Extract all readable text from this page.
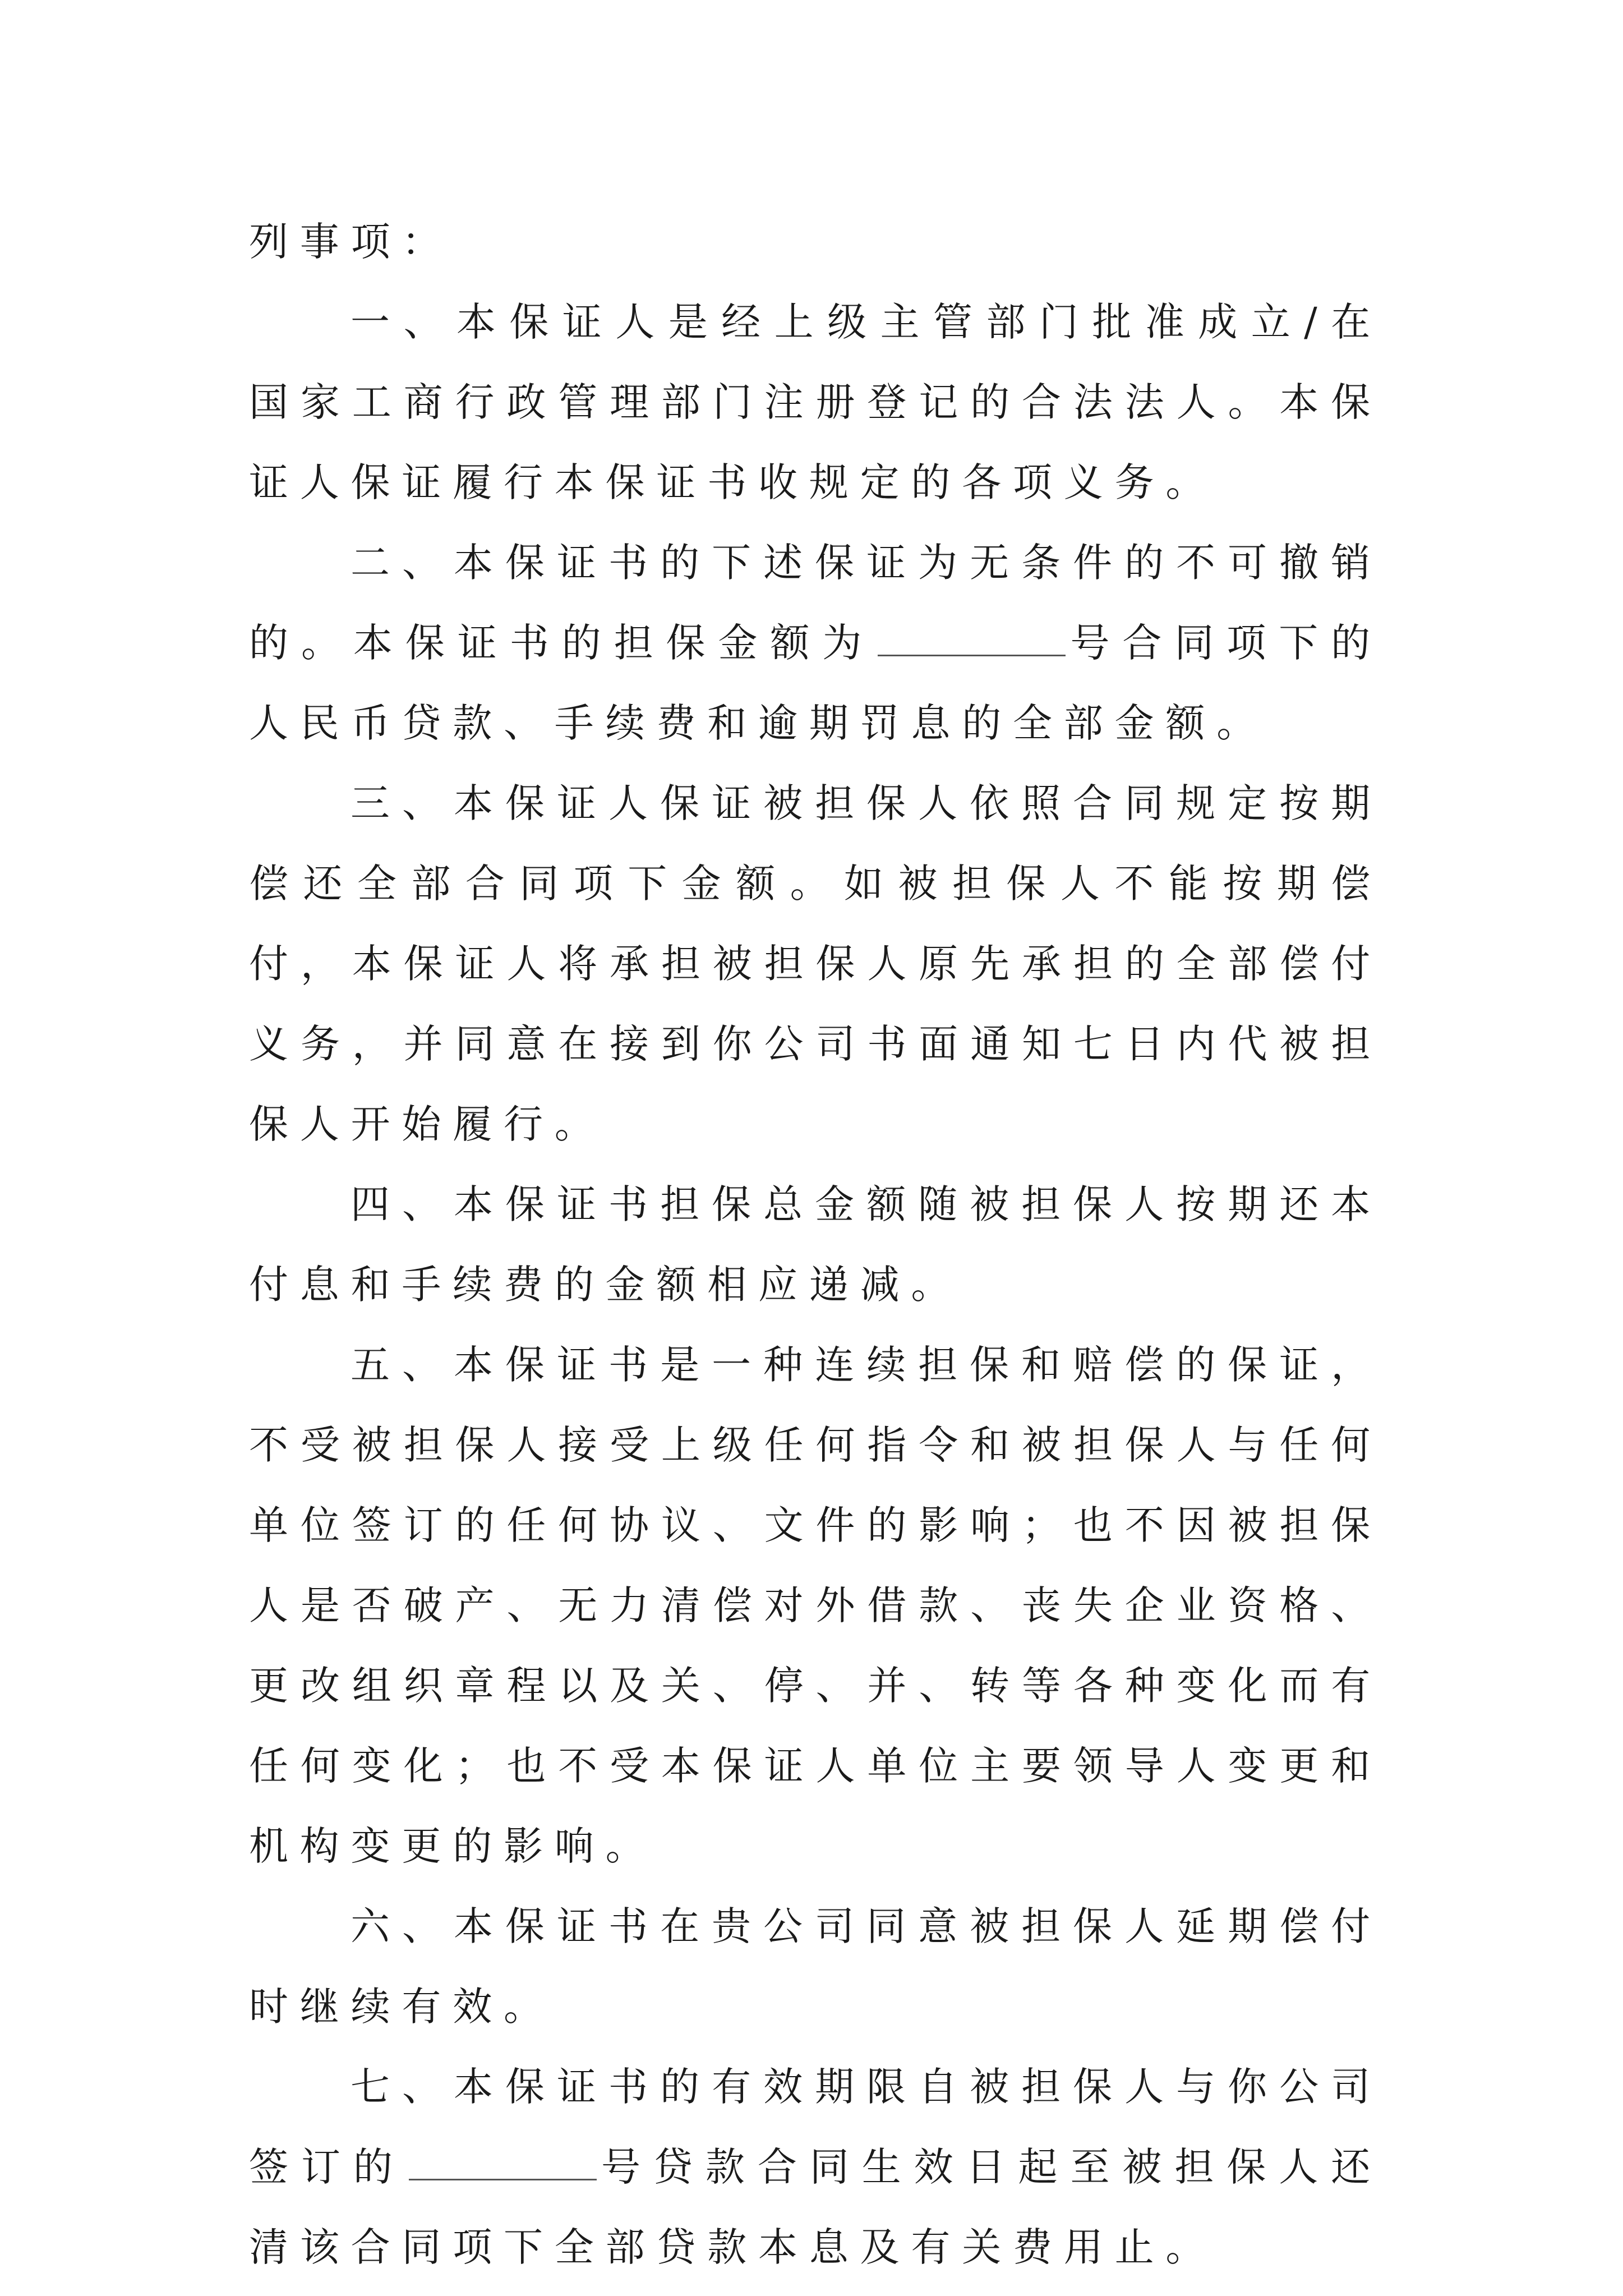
列事项：

一、本保证人是经上级主管部门批准成立/在国家工商行政管理部门注册登记的合法法人。本保证人保证履行本保证书收规定的各项义务。

二、本保证书的下述保证为无条件的不可撤销的。本保证书的担保金额为	号合同项下的人民币贷款、手续费和逾期罚息的全部金额。

三、本保证人保证被担保人依照合同规定按期偿还全部合同项下金额。如被担保人不能按期偿付，本保证人将承担被担保人原先承担的全部偿付义务，并同意在接到你公司书面通知七日内代被担保人开始履行。

四、本保证书担保总金额随被担保人按期还本付息和手续费的金额相应递减。

五、本保证书是一种连续担保和赔偿的保证，不受被担保人接受上级任何指令和被担保人与任何单位签订的任何协议、文件的影响；也不因被担保人是否破产、无力清偿对外借款、丧失企业资格、更改组织章程以及关、停、并、转等各种变化而有任何变化；也不受本保证人单位主要领导人变更和机构变更的影响。

六、本保证书在贵公司同意被担保人延期偿付时继续有效。

七、本保证书的有效期限自被担保人与你公司签订的	号贷款合同生效日起至被担保人还清该合同项下全部贷款本息及有关费用止。
